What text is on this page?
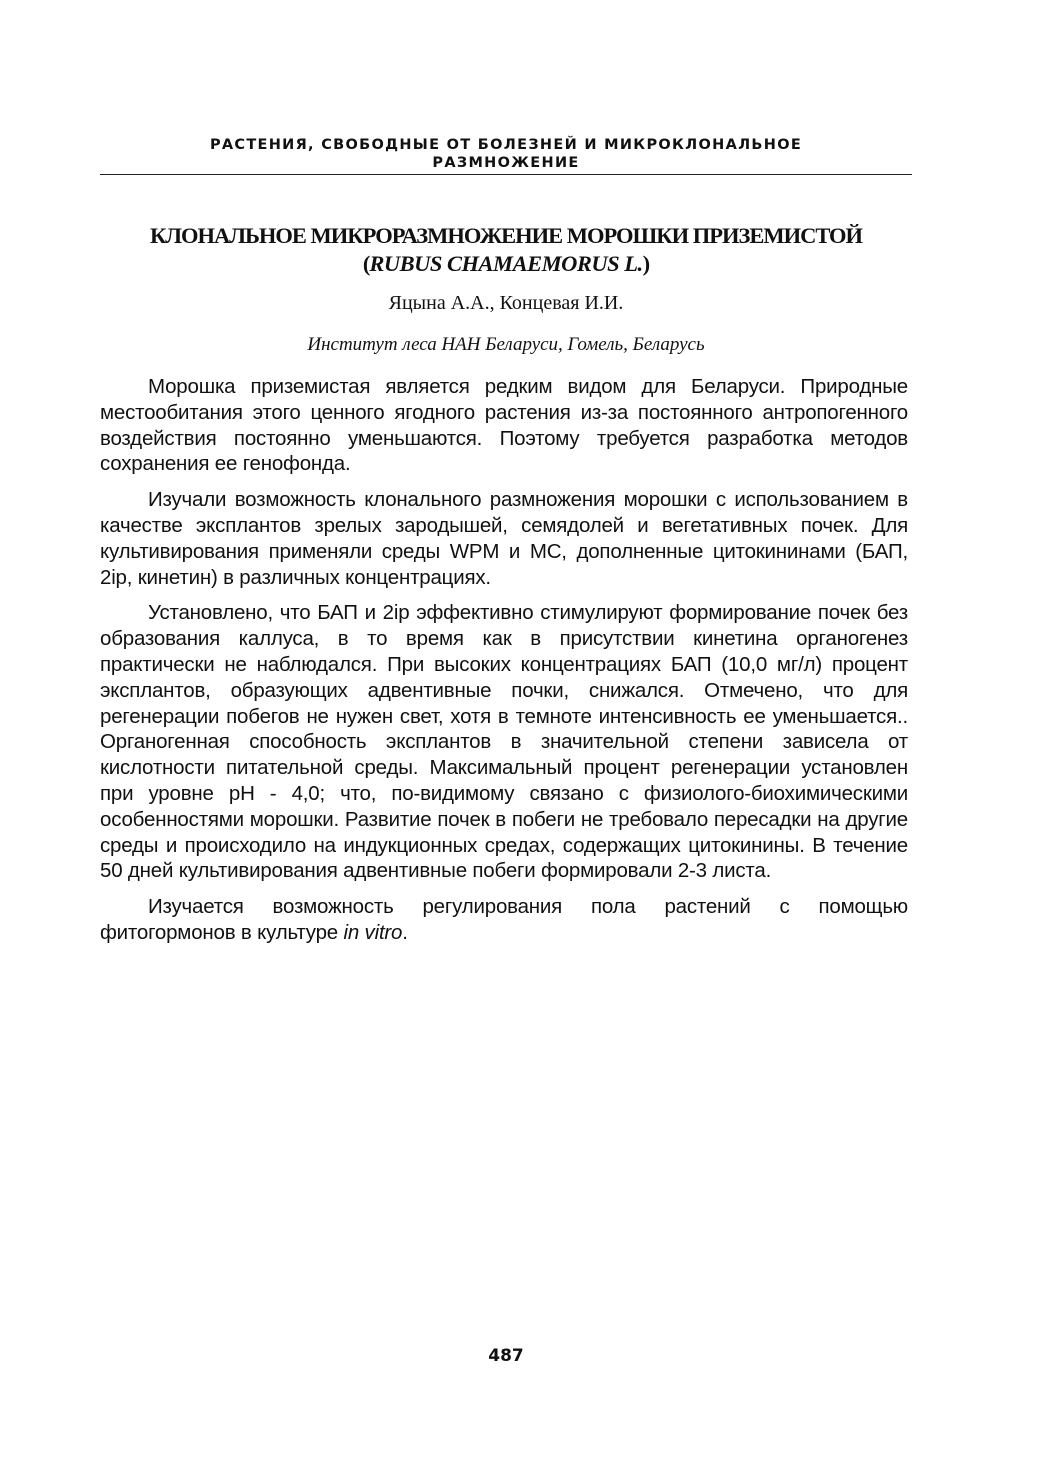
РАСТЕНИЯ, СВОБОДНЫЕ ОТ БОЛЕЗНЕЙ И МИКРОКЛОНАЛЬНОЕ
РАЗМНОЖЕНИЕ
КЛОНАЛЬНОЕ МИКРОРАЗМНОЖЕНИЕ МОРОШКИ ПРИЗЕМИСТОЙ
(RUBUS CHAMAEMORUS L.)
Яцына А.А., Концевая И.И.
Институт леса НАН Беларуси, Гомель, Беларусь

Морошка приземистая является редким видом для Беларуси. Природные местообитания этого ценного ягодного растения из-за постоянного антропогенного воздействия постоянно уменьшаются. Поэтому требуется разработка методов сохранения ее генофонда.

Изучали возможность клонального размножения морошки с использованием в качестве эксплантов зрелых зародышей, семядолей и вегетативных почек. Для культивирования применяли среды WPM и МС, дополненные цитокининами (БАП, 2ip, кинетин) в различных концентрациях.

Установлено, что БАП и 2ip эффективно стимулируют формирование почек без образования каллуса, в то время как в присутствии кинетина органогенез практически не наблюдался. При высоких концентрациях БАП (10,0 мг/л) процент эксплантов, образующих адвентивные почки, снижался. Отмечено, что для регенерации побегов не нужен свет, хотя в темноте интенсивность ее уменьшается.. Органогенная способность эксплантов в значительной степени зависела от кислотности питательной среды. Максимальный процент регенерации установлен при уровне рН - 4,0; что, по-видимому связано с физиолого-биохимическими особенностями морошки. Развитие почек в побеги не требовало пересадки на другие среды и происходило на индукционных средах, содержащих цитокинины. В течение 50 дней культивирования адвентивные побеги формировали 2-3 листа.

Изучается возможность регулирования пола растений с помощью фитогормонов в культуре in vitro.

487
